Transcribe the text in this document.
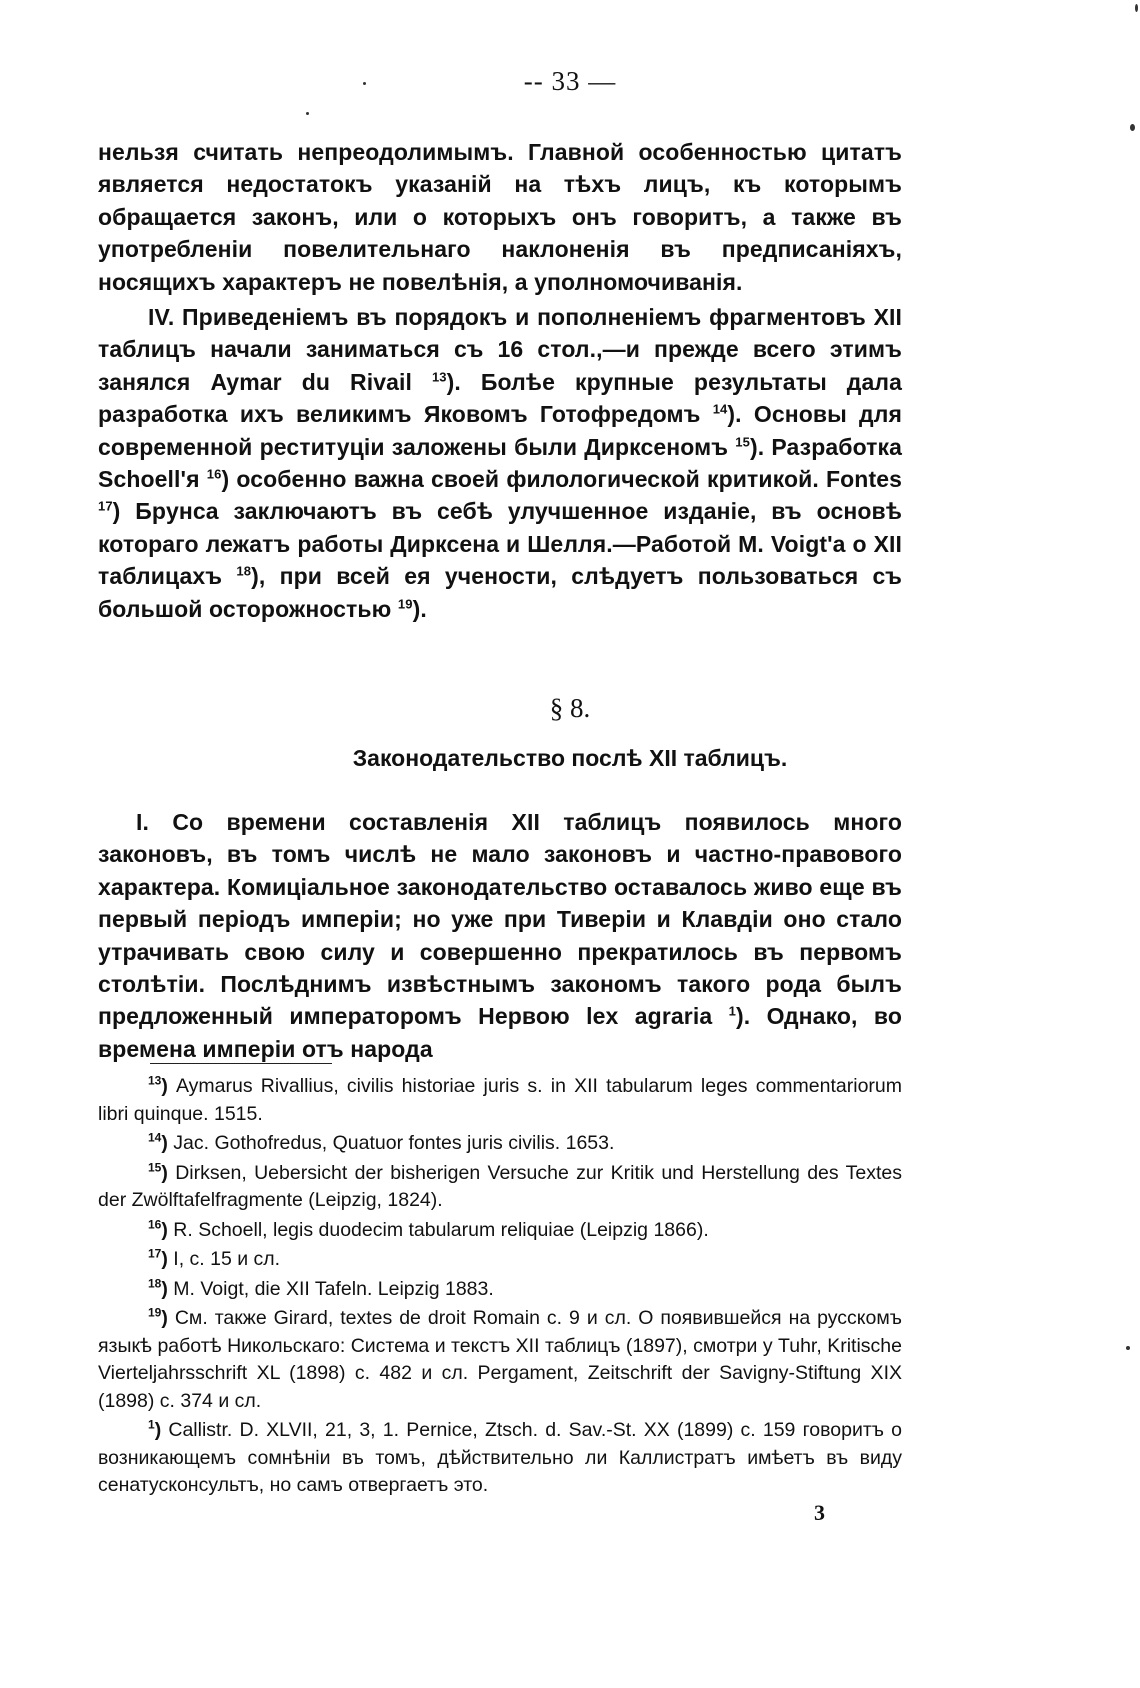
-- 33 —
нельзя считать непреодолимымъ. Главной особенностью цитатъ является недостатокъ указаній на тѣхъ лицъ, къ которымъ обращается законъ, или о которыхъ онъ говоритъ, а также въ употребленіи повелительнаго наклоненія въ предписаніяхъ, носящихъ характеръ не повелѣнія, а уполномочиванія.
IV. Приведеніемъ въ порядокъ и пополненіемъ фрагментовъ XII таблицъ начали заниматься съ 16 стол.,—и прежде всего этимъ занялся Aymar du Rivail $^{13}$). Болѣе крупные результаты дала разработка ихъ великимъ Яковомъ Готофредомъ $^{14}$). Основы для современной реституціи заложены были Дирксеномъ $^{15}$). Разработка Schoell'я $^{16}$) особенно важна своей филологической критикой. Fontes $^{17}$) Бpyнca заключаютъ въ себѣ улучшенное изданіе, въ основѣ котораго лежатъ работы Дирксена и Шелля.—Работой M. Voigt'a о XII таблицахъ $^{18}$), при всей ея учености, слѣдуетъ пользоваться съ большой осторожностью $^{19}$).
§ 8.
Законодательство послѣ XII таблицъ.
I. Со времени составленія XII таблицъ появилось много законовъ, въ томъ числѣ не мало законовъ и частно-правового характера. Комиціальное законодательство оставалось живо еще въ первый періодъ имперіи; но уже при Тиверіи и Клавдіи оно стало утрачивать свою силу и совершенно прекратилось въ первомъ столѣтіи. Послѣднимъ извѣстнымъ закономъ такого рода былъ предложенный императоромъ Нервою lex agraria $^1$). Однако, во времена имперіи отъ народа

$^{13}$) Aymarus Rivallius, civilis historiae juris s. in XII tabularum leges commentariorum libri quinque. 1515.

$^{14}$) Jac. Gothofredus, Quatuor fontes juris civilis. 1653.

$^{15}$) Dirksen, Uebersicht der bisherigen Versuche zur Kritik und Herstellung des Textes der Zwölftafelfragmente (Leipzig, 1824).

$^{16}$) R. Schoell, legis duodecim tabularum reliquiae (Leipzig 1866).

$^{17}$) I, c. 15 и сл.

$^{18}$) M. Voigt, die XII Tafeln. Leipzig 1883.

$^{19}$) См. также Girard, textes de droit Romain c. 9 и сл. О появившейся на русскомъ языкѣ работѣ Никольскаго: Система и текстъ XII таблицъ (1897), смотри у Tuhr, Kritische Vierteljahrsschrift XL (1898) c. 482 и сл. Pergament, Zeitschrift der Savigny-Stiftung XIX (1898) c. 374 и сл.

$^1$) Callistr. D. XLVII, 21, 3, 1. Pernice, Ztsch. d. Sav.-St. XX (1899) c. 159 говоритъ о возникающемъ сомнѣніи въ томъ, дѣйствительно ли Каллистратъ имѣетъ въ виду сенатусконсультъ, но самъ отвергаетъ это.

3
